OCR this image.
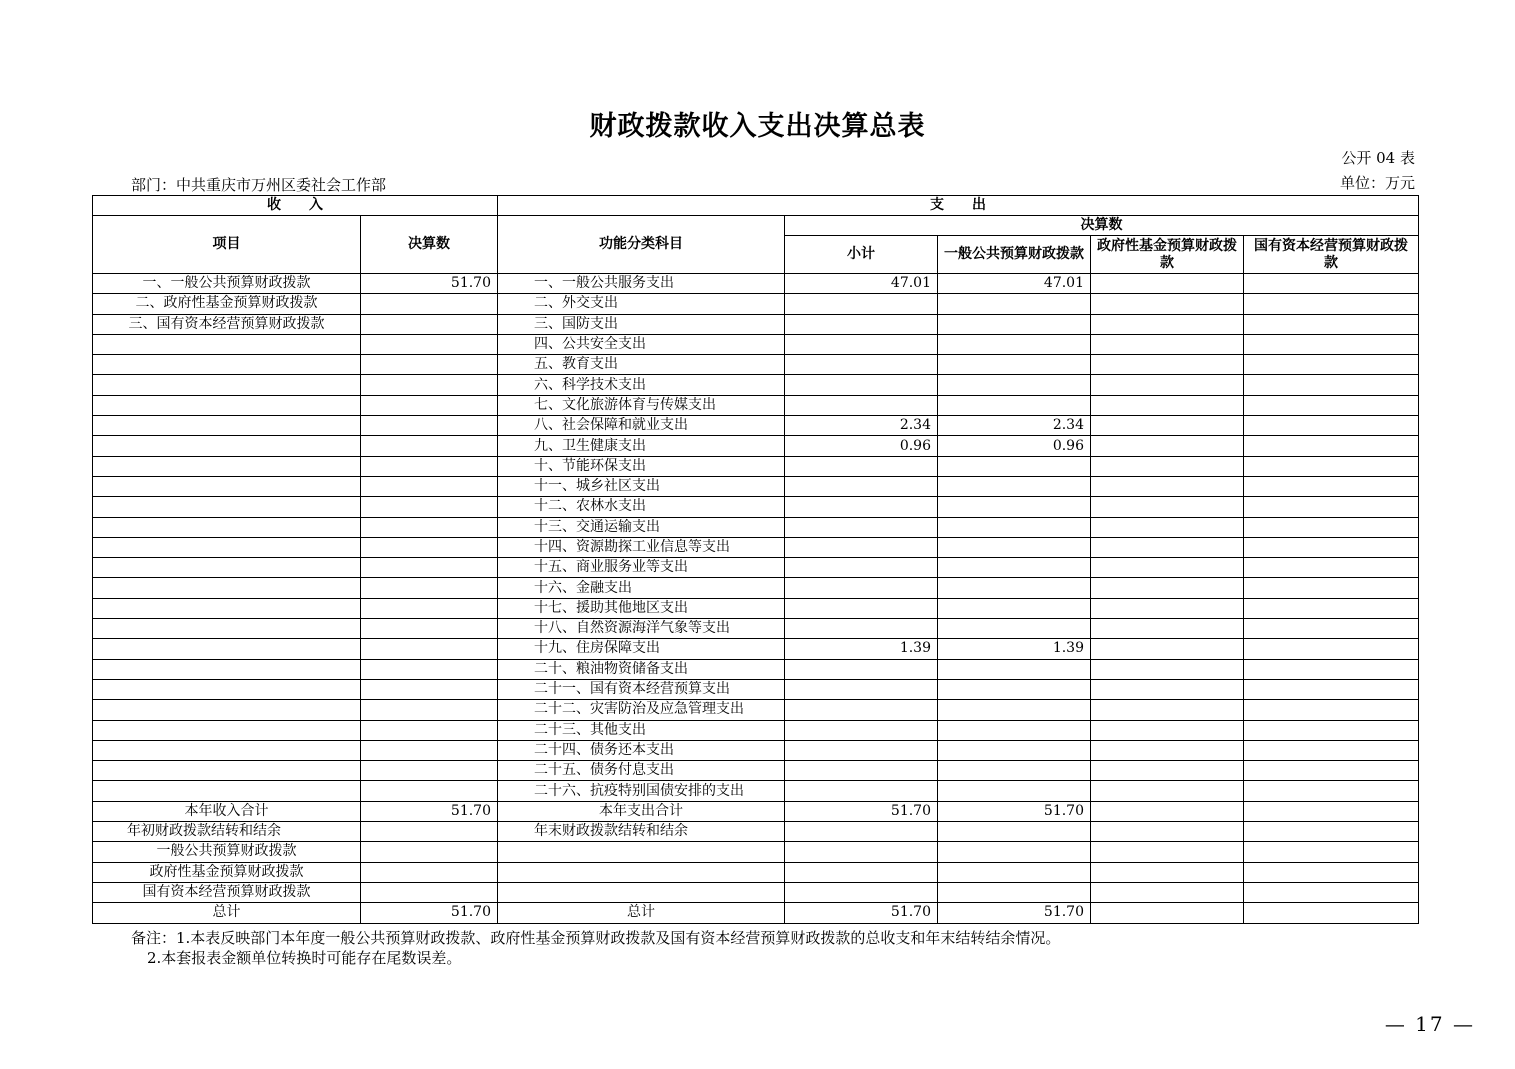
财政拨款收入支出决算总表
公开 04 表
部门：中共重庆市万州区委社会工作部	单位：万元
收　　入		支　　出				
项目	决算数	功能分类科目	决算数			
			小计	一般公共预算财政拨款	政府性基金预算财政拨款	国有资本经营预算财政拨款
一、一般公共预算财政拨款	51.70	一、一般公共服务支出	47.01	47.01		
二、政府性基金预算财政拨款		二、外交支出				
三、国有资本经营预算财政拨款		三、国防支出				
		四、公共安全支出				
		五、教育支出				
		六、科学技术支出				
		七、文化旅游体育与传媒支出				
		八、社会保障和就业支出	2.34	2.34		
		九、卫生健康支出	0.96	0.96		
		十、节能环保支出				
		十一、城乡社区支出				
		十二、农林水支出				
		十三、交通运输支出				
		十四、资源勘探工业信息等支出				
		十五、商业服务业等支出				
		十六、金融支出				
		十七、援助其他地区支出				
		十八、自然资源海洋气象等支出				
		十九、住房保障支出	1.39	1.39		
		二十、粮油物资储备支出				
		二十一、国有资本经营预算支出				
		二十二、灾害防治及应急管理支出				
		二十三、其他支出				
		二十四、债务还本支出				
		二十五、债务付息支出				
		二十六、抗疫特别国债安排的支出				
本年收入合计	51.70	本年支出合计	51.70	51.70		
年初财政拨款结转和结余		年末财政拨款结转和结余				
一般公共预算财政拨款						
政府性基金预算财政拨款						
国有资本经营预算财政拨款						
总计	51.70	总计	51.70	51.70		
备注：1.本表反映部门本年度一般公共预算财政拨款、政府性基金预算财政拨款及国有资本经营预算财政拨款的总收支和年末结转结余情况。
2.本套报表金额单位转换时可能存在尾数误差。
— 17 —
